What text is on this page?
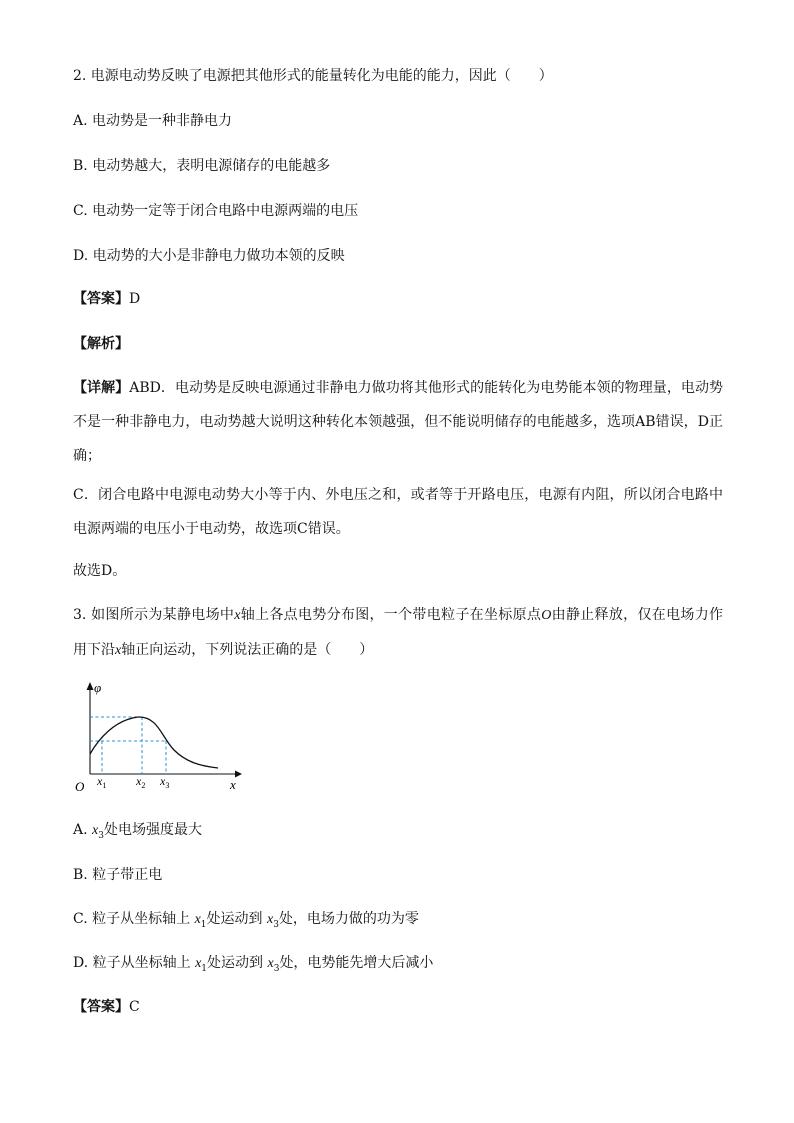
2. 电源电动势反映了电源把其他形式的能量转化为电能的能力，因此（　　）
A. 电动势是一种非静电力
B. 电动势越大，表明电源储存的电能越多
C. 电动势一定等于闭合电路中电源两端的电压
D. 电动势的大小是非静电力做功本领的反映
【答案】D
【解析】
【详解】ABD．电动势是反映电源通过非静电力做功将其他形式的能转化为电势能本领的物理量，电动势不是一种非静电力，电动势越大说明这种转化本领越强，但不能说明储存的电能越多，选项AB错误，D正确；
C．闭合电路中电源电动势大小等于内、外电压之和，或者等于开路电压，电源有内阻，所以闭合电路中电源两端的电压小于电动势，故选项C错误。
故选D。
3. 如图所示为某静电场中x轴上各点电势分布图，一个带电粒子在坐标原点O由静止释放，仅在电场力作用下沿x轴正向运动，下列说法正确的是（　　）
φ
x
O $x_1$ $x_2$ $x_3$
A. $x_3$处电场强度最大
B. 粒子带正电
C. 粒子从坐标轴上 $x_1$处运动到 $x_3$处，电场力做的功为零
D. 粒子从坐标轴上 $x_1$处运动到 $x_3$处，电势能先增大后减小
【答案】C
